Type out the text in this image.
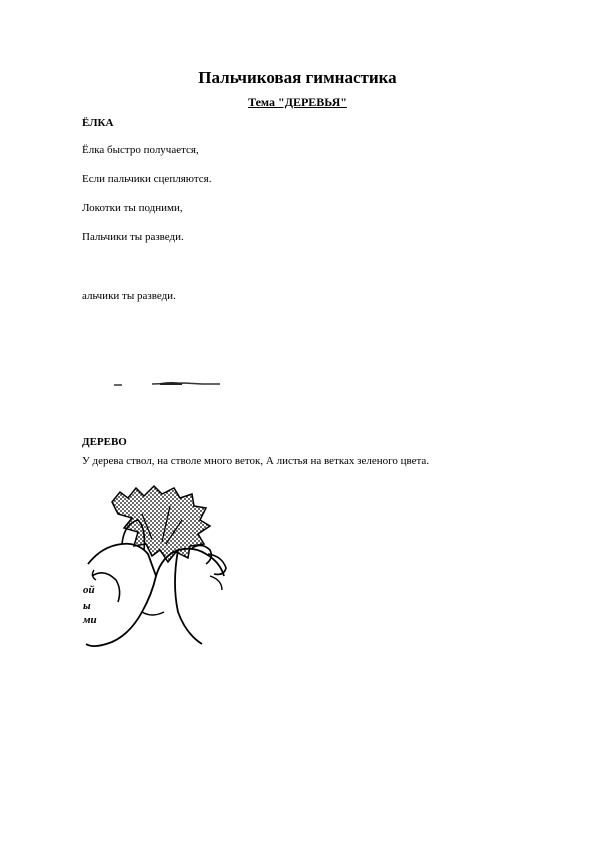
Пальчиковая гимнастика
Тема "ДЕРЕВЬЯ"
ЁЛКА
Ёлка быстро получается,
Если пальчики сцепляются.
Локотки ты подними,
Пальчики ты разведи.
альчики ты разведи.
ДЕРЕВО
У дерева ствол, на стволе много веток, А листья на ветках зеленого цвета.
ой
ы
ми
